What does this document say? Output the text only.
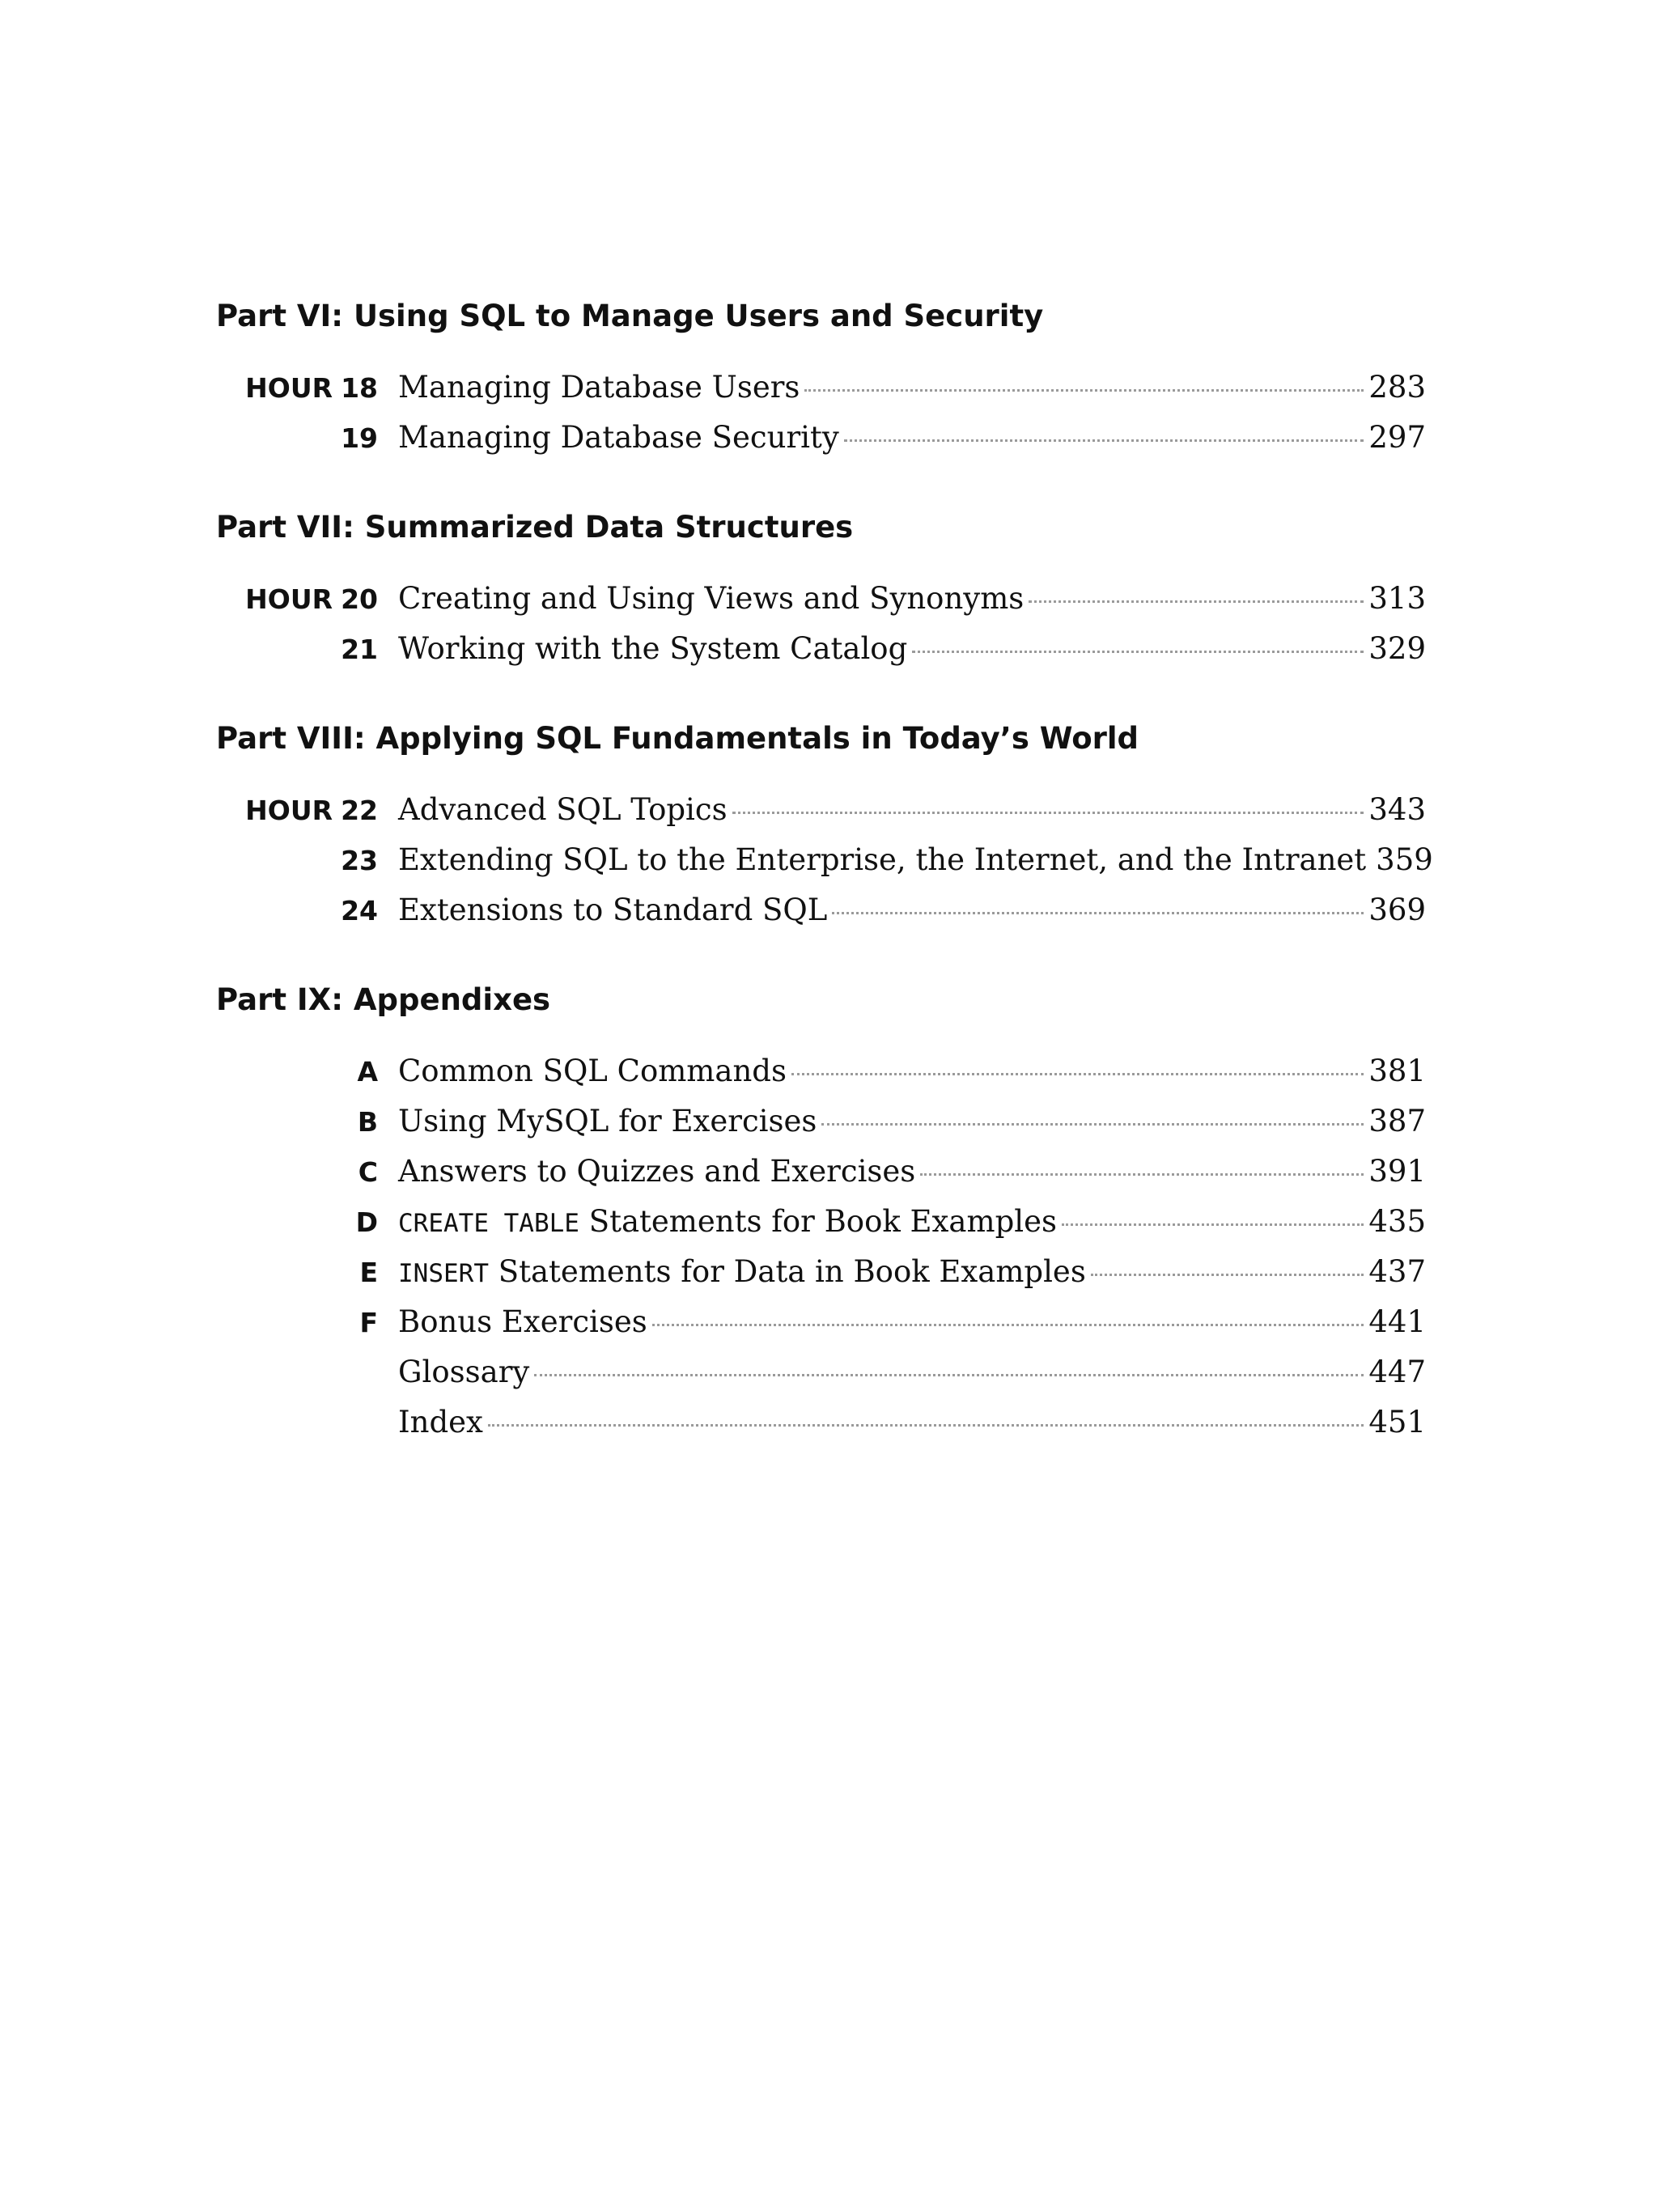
Part VI: Using SQL to Manage Users and Security
HOUR 18 Managing Database Users	283
19 Managing Database Security	297
Part VII: Summarized Data Structures
HOUR 20 Creating and Using Views and Synonyms	313
21 Working with the System Catalog	329
Part VIII: Applying SQL Fundamentals in Today’s World
HOUR 22 Advanced SQL Topics	343
23 Extending SQL to the Enterprise, the Internet, and the Intranet 359
24 Extensions to Standard SQL	369
Part IX: Appendixes
A Common SQL Commands	381
B Using MySQL for Exercises	387
C Answers to Quizzes and Exercises	391
D CREATE TABLE Statements for Book Examples	435
E INSERT Statements for Data in Book Examples	437
F Bonus Exercises	441
Glossary	447
Index	451
